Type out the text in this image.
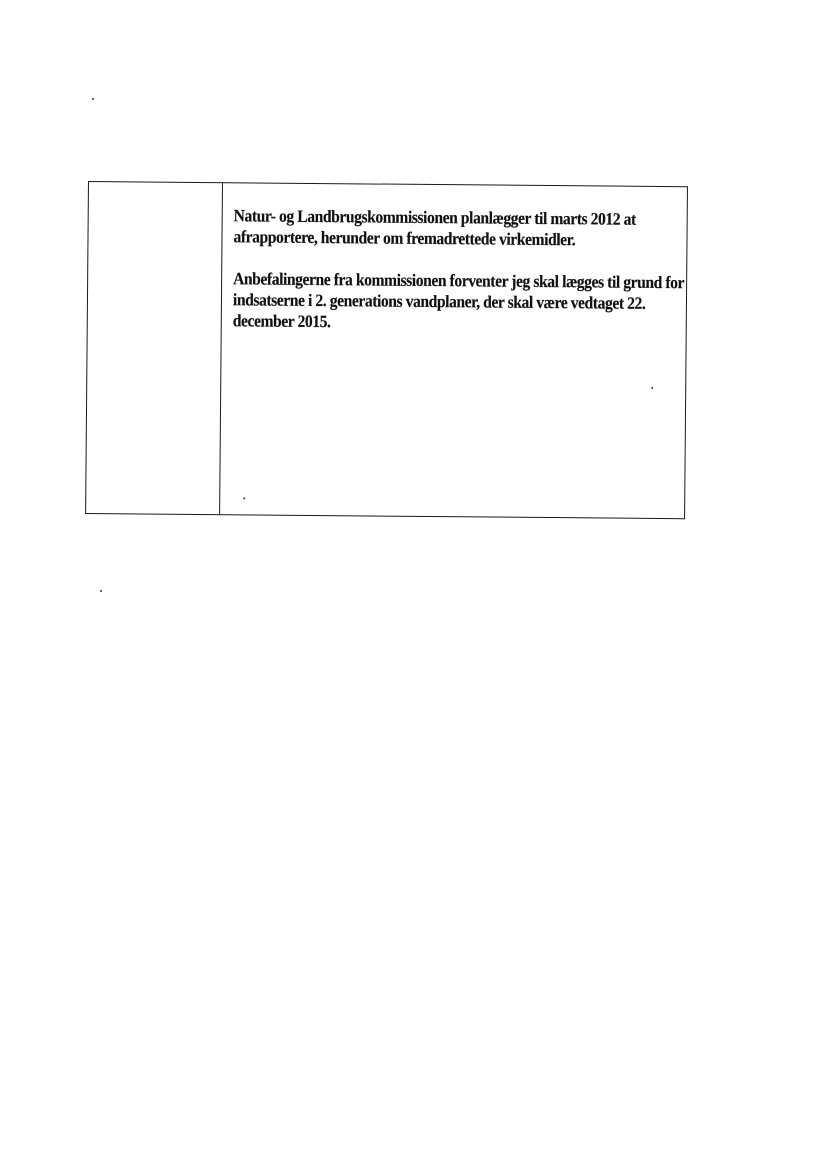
Natur- og Landbrugskommissionen planlægger til marts 2012 at afrapportere, herunder om fremadrettede virkemidler.

Anbefalingerne fra kommissionen forventer jeg skal lægges til grund for indsatserne i 2. generations vandplaner, der skal være vedtaget 22. december 2015.
